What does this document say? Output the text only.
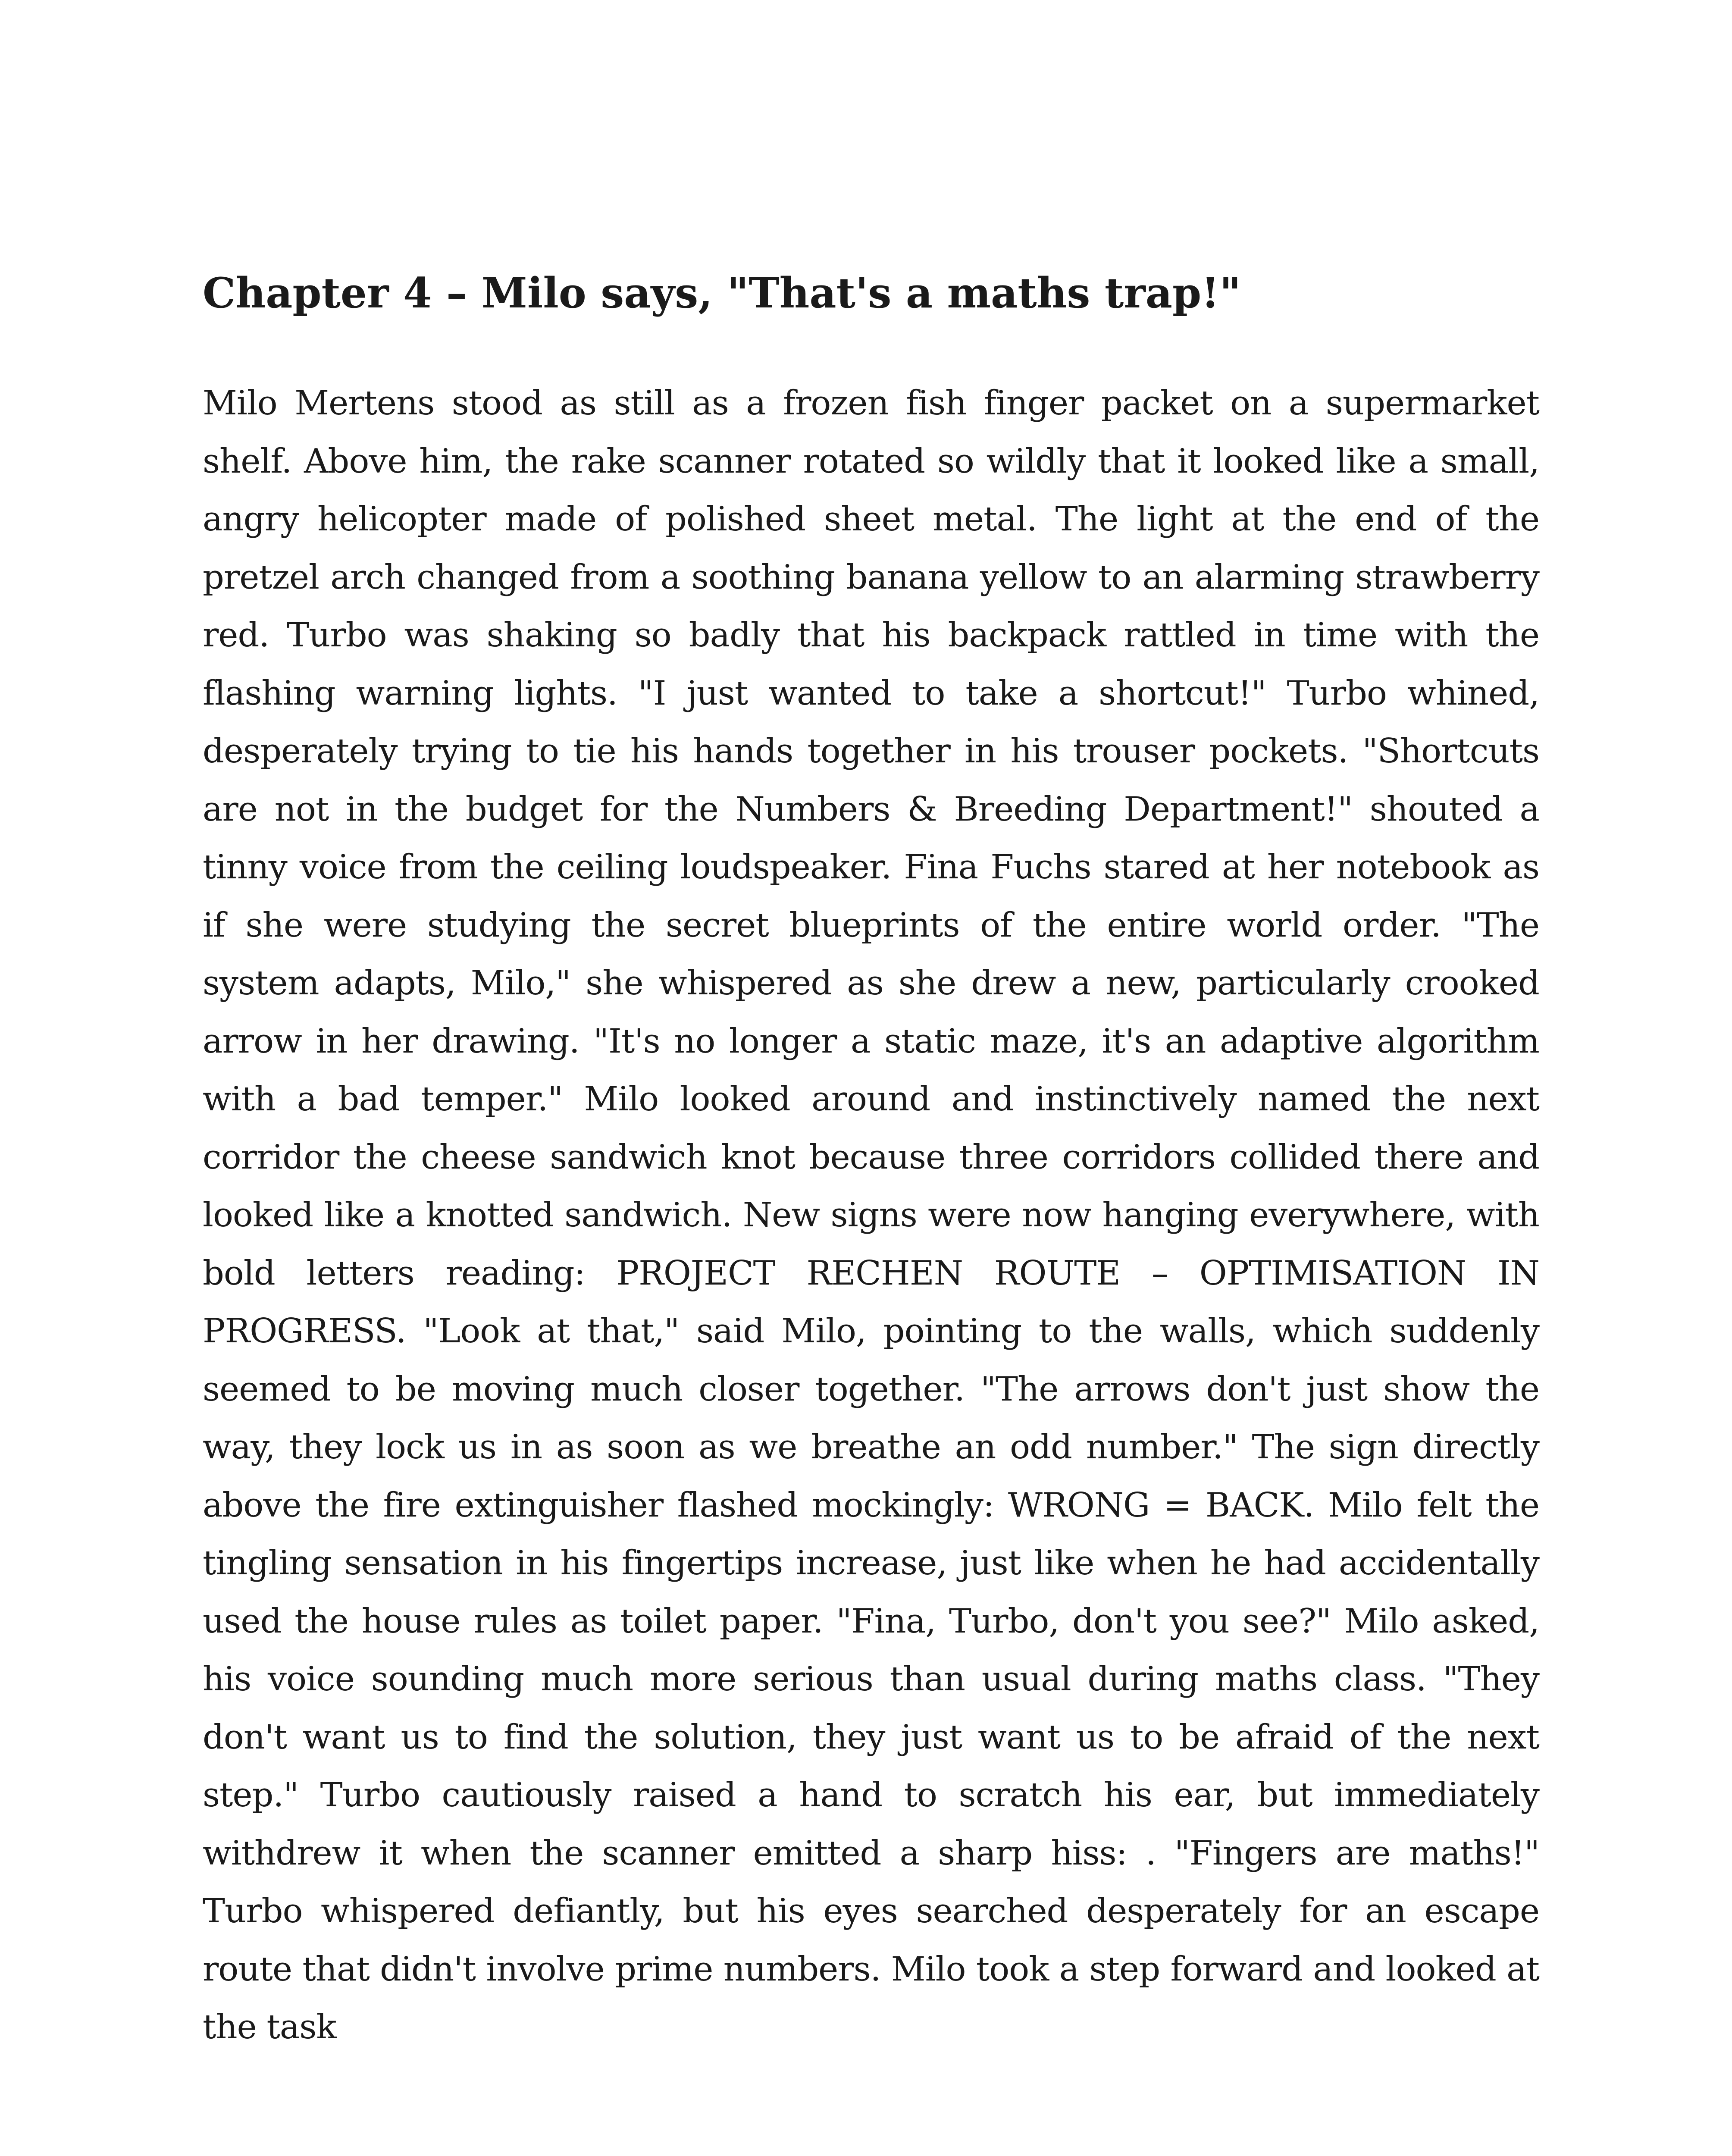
Chapter 4 – Milo says, "That's a maths trap!"

Milo Mertens stood as still as a frozen fish finger packet on a supermarket shelf. Above him, the rake scanner rotated so wildly that it looked like a small, angry helicopter made of polished sheet metal. The light at the end of the pretzel arch changed from a soothing banana yellow to an alarming strawberry red. Turbo was shaking so badly that his backpack rattled in time with the flashing warning lights. "I just wanted to take a shortcut!" Turbo whined, desperately trying to tie his hands together in his trouser pockets. "Shortcuts are not in the budget for the Numbers & Breeding Department!" shouted a tinny voice from the ceiling loudspeaker. Fina Fuchs stared at her notebook as if she were studying the secret blueprints of the entire world order. "The system adapts, Milo," she whispered as she drew a new, particularly crooked arrow in her drawing. "It's no longer a static maze, it's an adaptive algorithm with a bad temper." Milo looked around and instinctively named the next corridor the cheese sandwich knot because three corridors collided there and looked like a knotted sandwich. New signs were now hanging everywhere, with bold letters reading: PROJECT RECHEN ROUTE – OPTIMISATION IN PROGRESS. "Look at that," said Milo, pointing to the walls, which suddenly seemed to be moving much closer together. "The arrows don't just show the way, they lock us in as soon as we breathe an odd number." The sign directly above the fire extinguisher flashed mockingly: WRONG = BACK. Milo felt the tingling sensation in his fingertips increase, just like when he had accidentally used the house rules as toilet paper. "Fina, Turbo, don't you see?" Milo asked, his voice sounding much more serious than usual during maths class. "They don't want us to find the solution, they just want us to be afraid of the next step." Turbo cautiously raised a hand to scratch his ear, but immediately withdrew it when the scanner emitted a sharp hiss: . "Fingers are maths!" Turbo whispered defiantly, but his eyes searched desperately for an escape route that didn't involve prime numbers. Milo took a step forward and looked at the task
